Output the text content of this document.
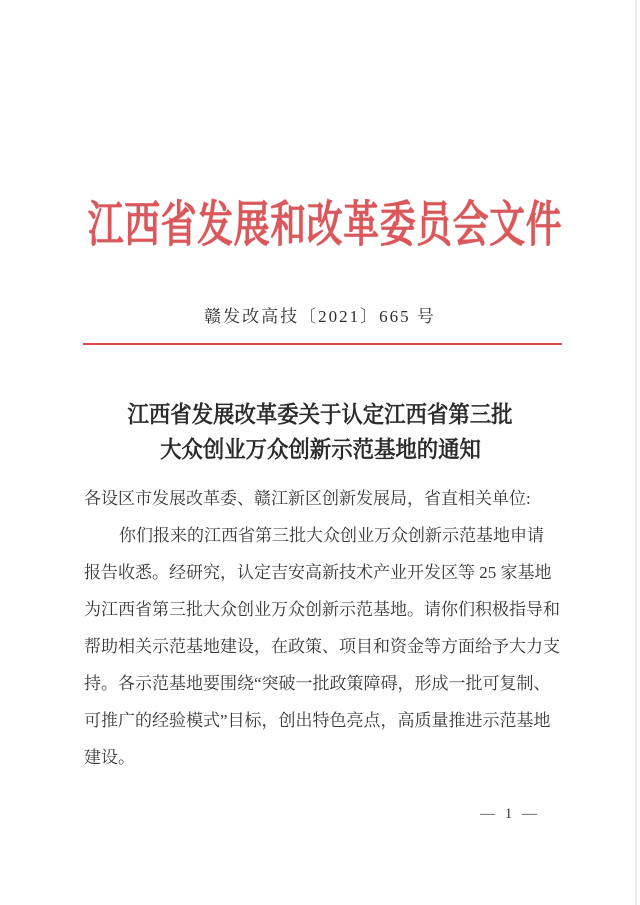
江西省发展和改革委员会文件
赣发改高技〔2021〕665 号
江西省发展改革委关于认定江西省第三批
大众创业万众创新示范基地的通知
各设区市发展改革委、赣江新区创新发展局，省直相关单位:
你们报来的江西省第三批大众创业万众创新示范基地申请
报告收悉。经研究，认定吉安高新技术产业开发区等 25 家基地
为江西省第三批大众创业万众创新示范基地。请你们积极指导和
帮助相关示范基地建设，在政策、项目和资金等方面给予大力支
持。各示范基地要围绕“突破一批政策障碍，形成一批可复制、
可推广的经验模式”目标，创出特色亮点，高质量推进示范基地
建设。
— 1 —
